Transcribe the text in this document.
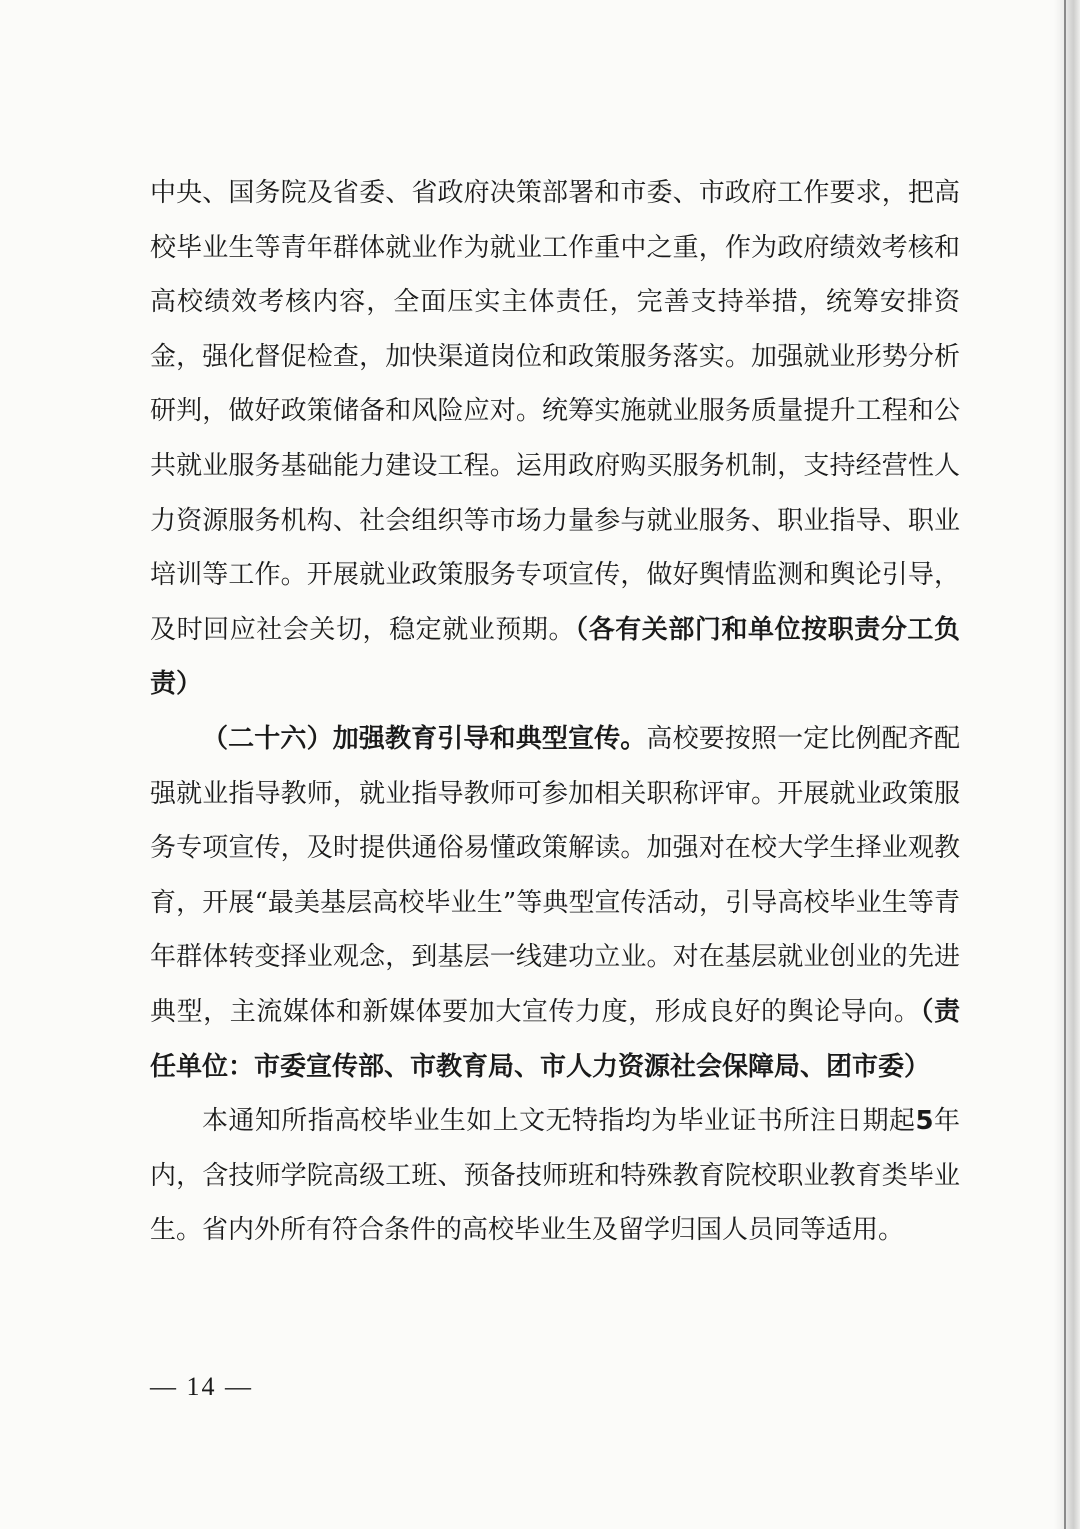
中央、国务院及省委、省政府决策部署和市委、市政府工作要求，把高校毕业生等青年群体就业作为就业工作重中之重，作为政府绩效考核和高校绩效考核内容，全面压实主体责任，完善支持举措，统筹安排资金，强化督促检查，加快渠道岗位和政策服务落实。加强就业形势分析研判，做好政策储备和风险应对。统筹实施就业服务质量提升工程和公共就业服务基础能力建设工程。运用政府购买服务机制，支持经营性人力资源服务机构、社会组织等市场力量参与就业服务、职业指导、职业培训等工作。开展就业政策服务专项宣传，做好舆情监测和舆论引导，及时回应社会关切，稳定就业预期。（各有关部门和单位按职责分工负责）

（二十六）加强教育引导和典型宣传。高校要按照一定比例配齐配强就业指导教师，就业指导教师可参加相关职称评审。开展就业政策服务专项宣传，及时提供通俗易懂政策解读。加强对在校大学生择业观教育，开展“最美基层高校毕业生”等典型宣传活动，引导高校毕业生等青年群体转变择业观念，到基层一线建功立业。对在基层就业创业的先进典型，主流媒体和新媒体要加大宣传力度，形成良好的舆论导向。（责任单位：市委宣传部、市教育局、市人力资源社会保障局、团市委）

本通知所指高校毕业生如上文无特指均为毕业证书所注日期起5年内，含技师学院高级工班、预备技师班和特殊教育院校职业教育类毕业生。省内外所有符合条件的高校毕业生及留学归国人员同等适用。

— 14 —
